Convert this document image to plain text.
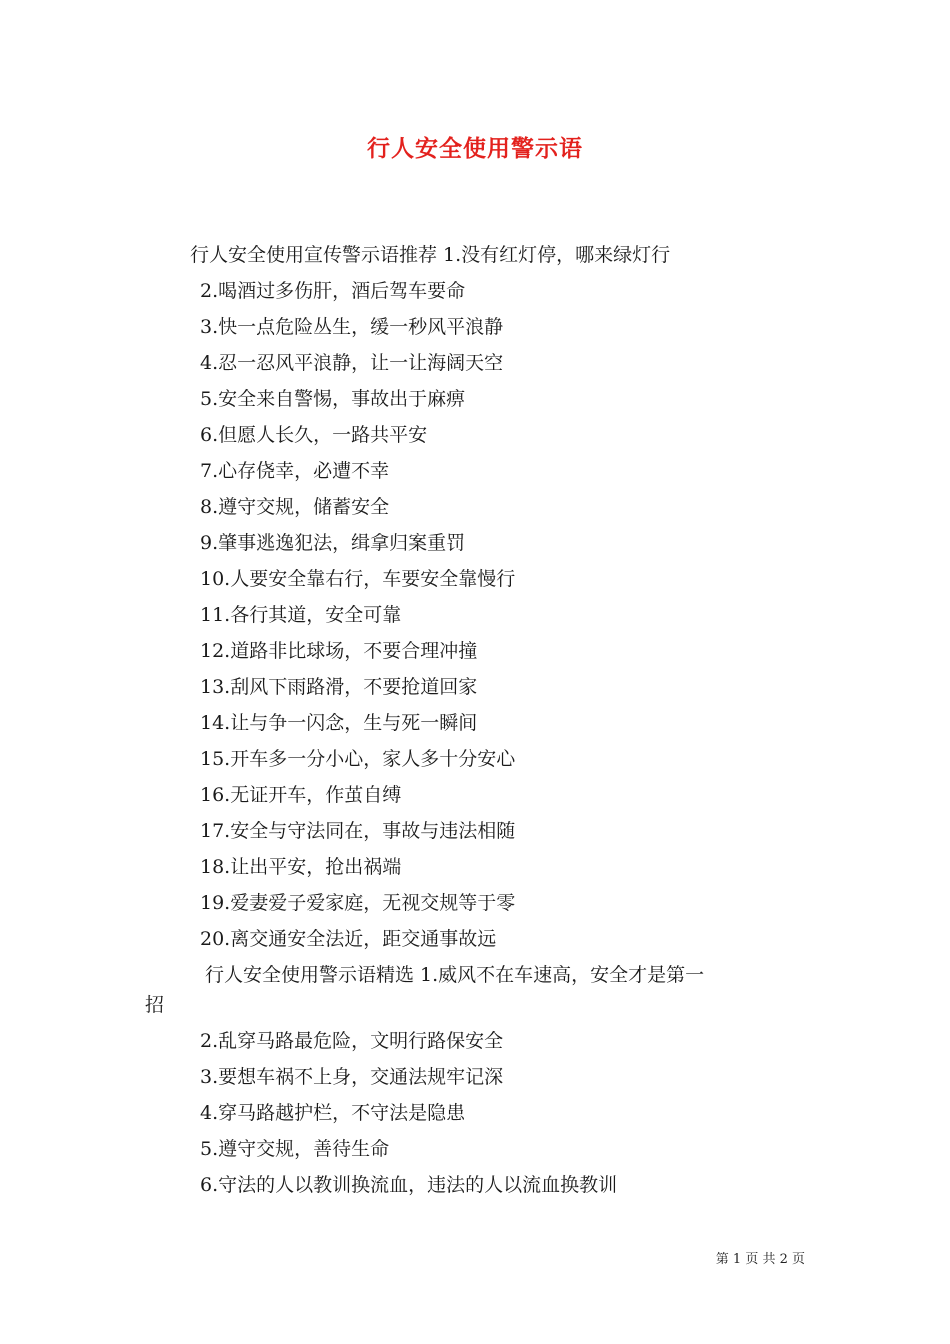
行人安全使用警示语
行人安全使用宣传警示语推荐 1.没有红灯停，哪来绿灯行
2.喝酒过多伤肝，酒后驾车要命
3.快一点危险丛生，缓一秒风平浪静
4.忍一忍风平浪静，让一让海阔天空
5.安全来自警惕，事故出于麻痹
6.但愿人长久，一路共平安
7.心存侥幸，必遭不幸
8.遵守交规，储蓄安全
9.肇事逃逸犯法，缉拿归案重罚
10.人要安全靠右行，车要安全靠慢行
11.各行其道，安全可靠
12.道路非比球场，不要合理冲撞
13.刮风下雨路滑，不要抢道回家
14.让与争一闪念，生与死一瞬间
15.开车多一分小心，家人多十分安心
16.无证开车，作茧自缚
17.安全与守法同在，事故与违法相随
18.让出平安，抢出祸端
19.爱妻爱子爱家庭，无视交规等于零
20.离交通安全法近，距交通事故远
行人安全使用警示语精选 1.威风不在车速高，安全才是第一
招
2.乱穿马路最危险，文明行路保安全
3.要想车祸不上身，交通法规牢记深
4.穿马路越护栏，不守法是隐患
5.遵守交规，善待生命
6.守法的人以教训换流血，违法的人以流血换教训
第 1 页 共 2 页
